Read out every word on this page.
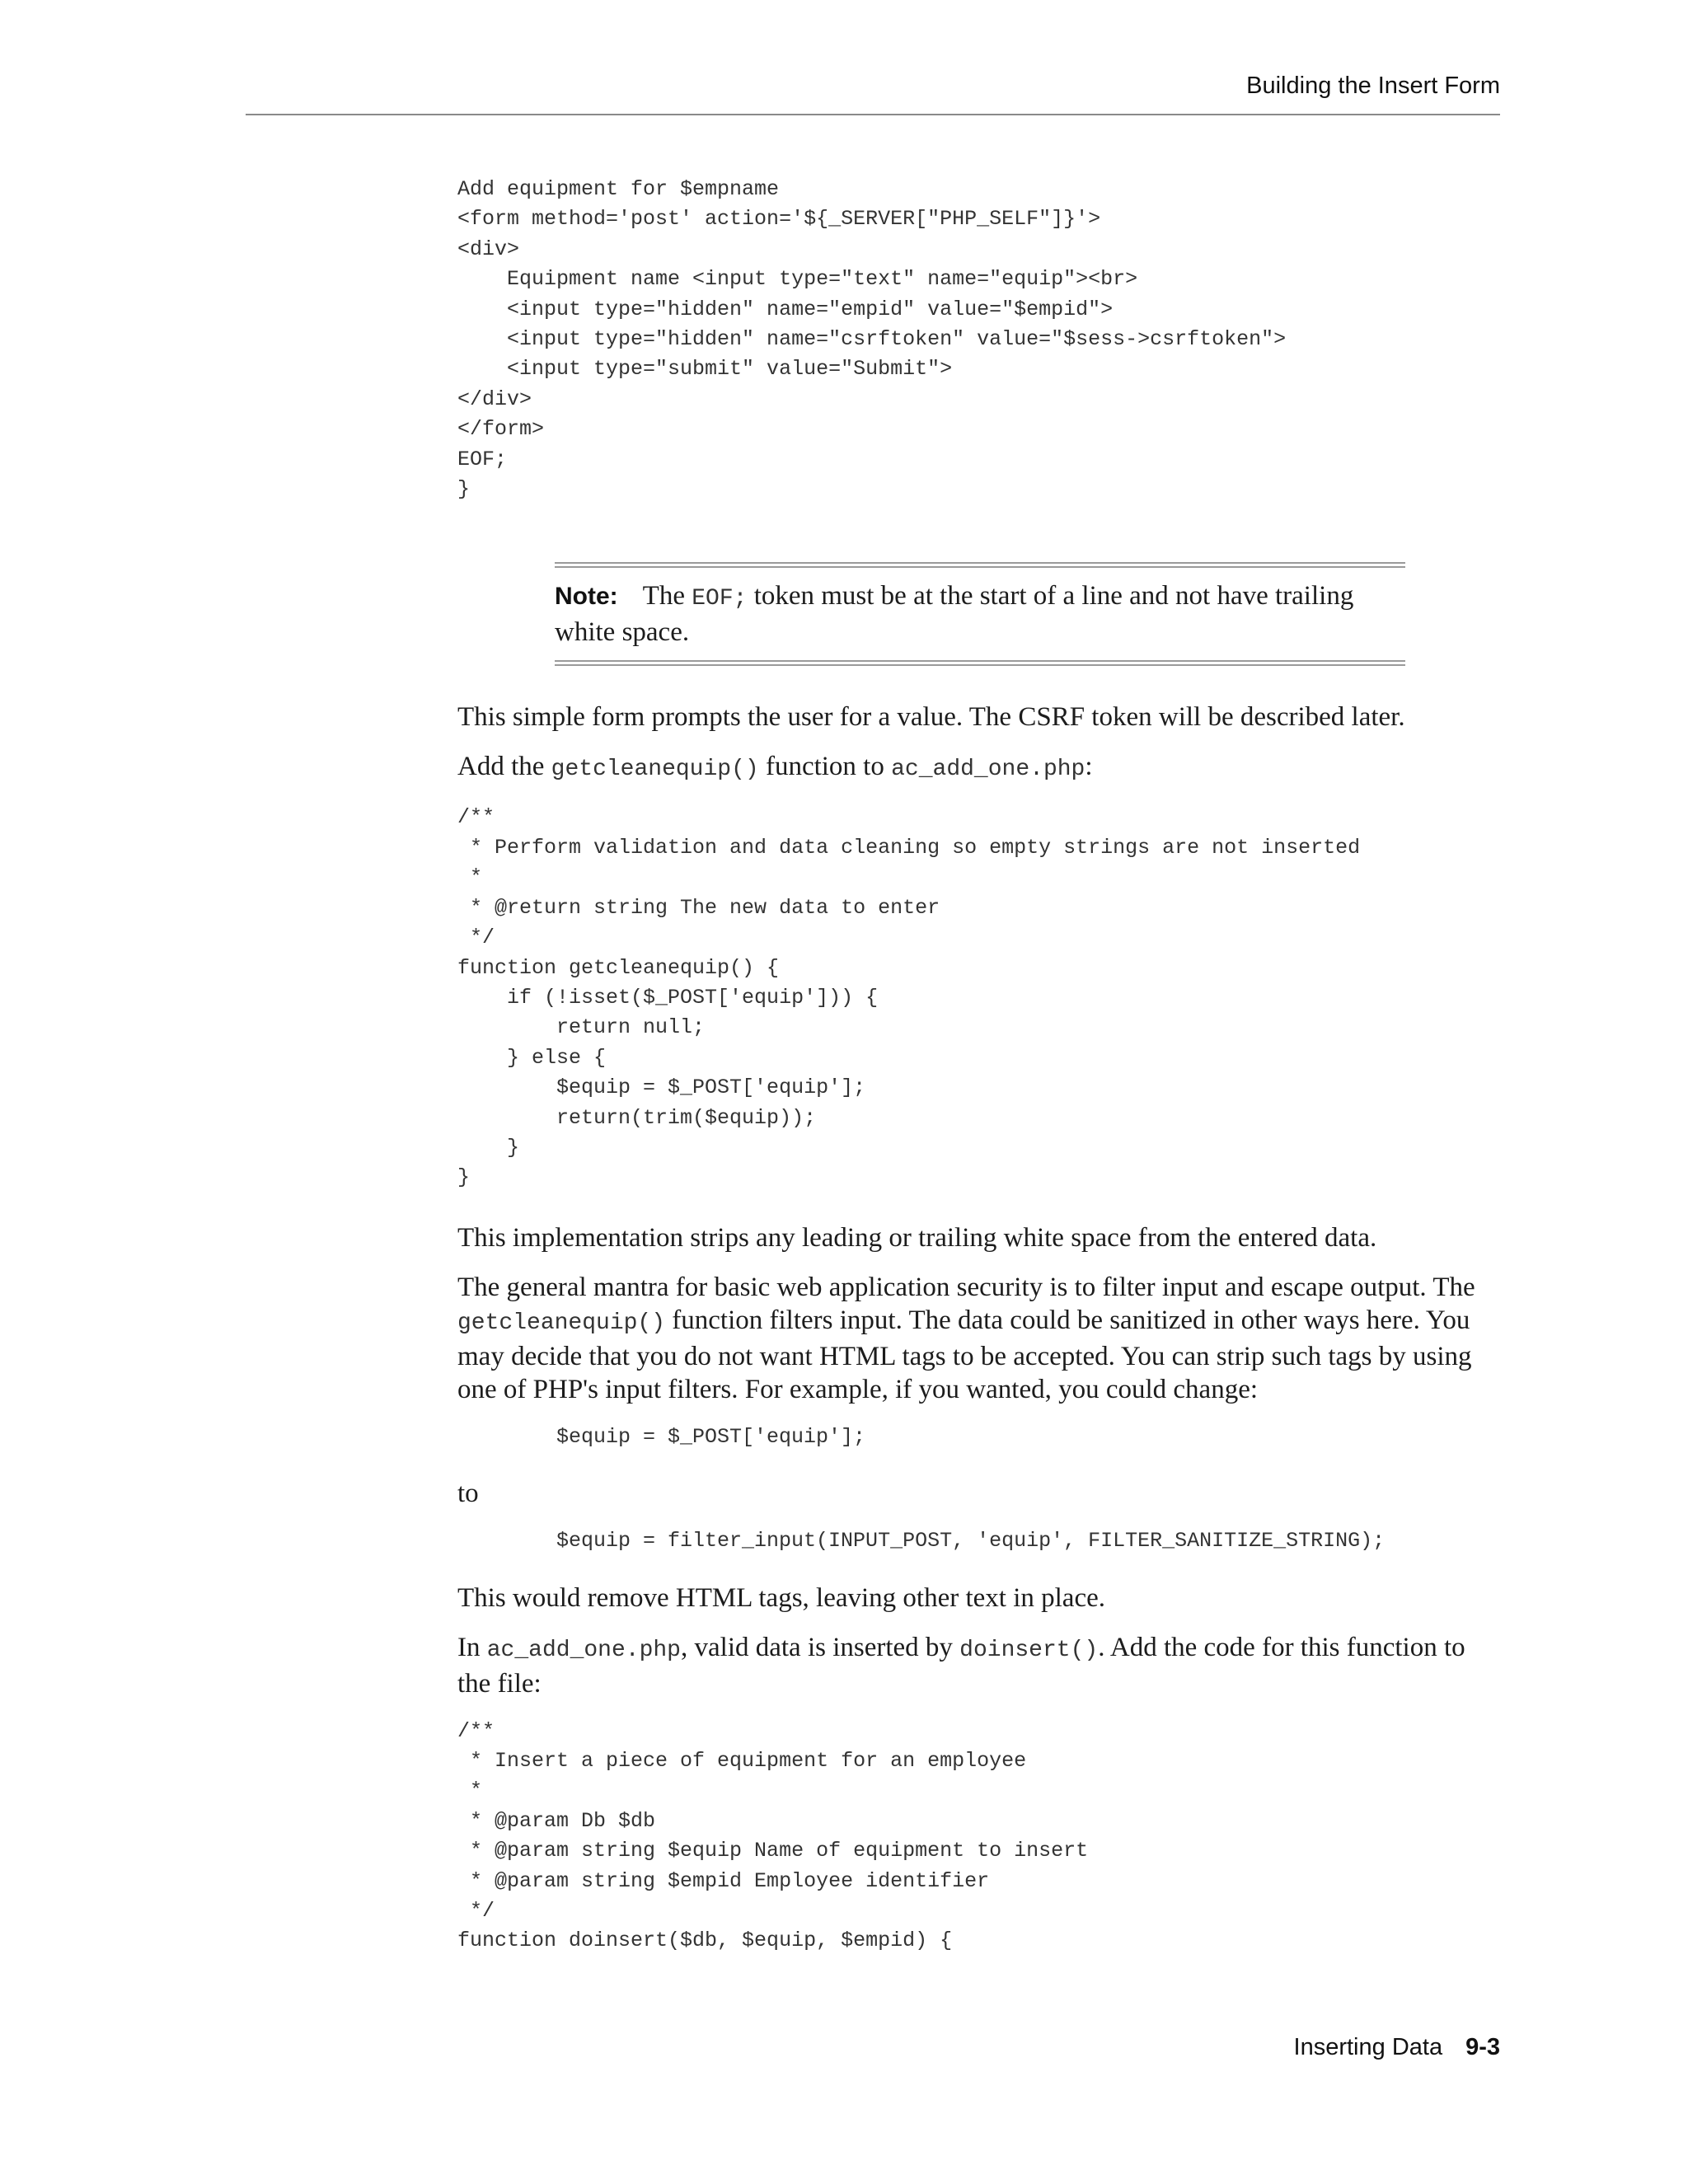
Building the Insert Form
Add equipment for $empname
<form method='post' action='${_SERVER["PHP_SELF"]}'>
<div>
Equipment name <input type="text" name="equip"><br>
<input type="hidden" name="empid" value="$empid">
<input type="hidden" name="csrftoken" value="$sess->csrftoken">
<input type="submit" value="Submit">
</div>
</form>
EOF;
}
Note: The EOF; token must be at the start of a line and not have trailing white space.

This simple form prompts the user for a value. The CSRF token will be described later.

Add the getcleanequip() function to ac_add_one.php:

/**
* Perform validation and data cleaning so empty strings are not inserted
*
* @return string The new data to enter
*/
function getcleanequip() {
if (!isset($_POST['equip'])) {
return null;
} else {
$equip = $_POST['equip'];
return(trim($equip));
}
}

This implementation strips any leading or trailing white space from the entered data.

The general mantra for basic web application security is to filter input and escape output. The getcleanequip() function filters input. The data could be sanitized in other ways here. You may decide that you do not want HTML tags to be accepted. You can strip such tags by using one of PHP's input filters. For example, if you wanted, you could change:

$equip = $_POST['equip'];

to

$equip = filter_input(INPUT_POST, 'equip', FILTER_SANITIZE_STRING);

This would remove HTML tags, leaving other text in place.

In ac_add_one.php, valid data is inserted by doinsert(). Add the code for this function to the file:

/**
* Insert a piece of equipment for an employee
*
* @param Db $db
* @param string $equip Name of equipment to insert
* @param string $empid Employee identifier
*/
function doinsert($db, $equip, $empid) {
Inserting Data 9-3
